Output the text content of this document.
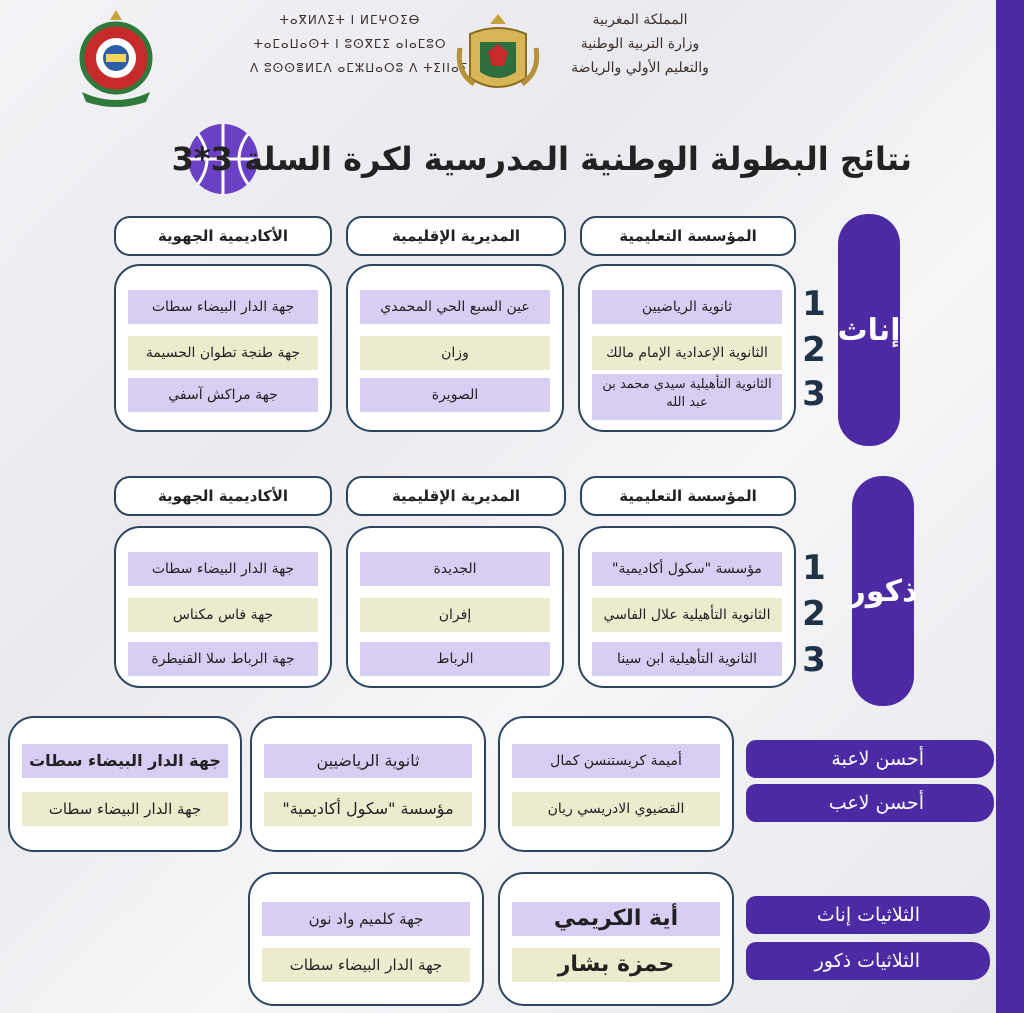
ⵜⴰⴳⵍⴷⵉⵜ ⵏ ⵍⵎⵖⵔⵉⴱ
ⵜⴰⵎⴰⵡⴰⵙⵜ ⵏ ⵓⵙⴳⵎⵉ ⴰⵏⴰⵎⵓⵔ
ⴷ ⵓⵙⵙⴻⵍⵎⴷ ⴰⵎⵣⵡⴰⵔⵓ ⴷ ⵜⵉⵏⵏⴰⵢ
المملكة المغربية
وزارة التربية الوطنية
والتعليم الأولي والرياضة
نتائج البطولة الوطنية المدرسية لكرة السلة 3*3
المؤسسة التعليمية
المديرية الإقليمية
الأكاديمية الجهوية
إناث
1
2
3
ثانوية الرياضيين
الثانوية الإعدادية الإمام مالك
الثانوية التأهيلية سيدي محمد بن عبد الله
عين السبع الحي المحمدي
وزان
الصويرة
جهة الدار البيضاء سطات
جهة طنجة تطوان الحسيمة
جهة مراكش آسفي
المؤسسة التعليمية
المديرية الإقليمية
الأكاديمية الجهوية
ذكور
1
2
3
مؤسسة "سكول أكاديمية"
الثانوية التأهيلية علال الفاسي
الثانوية التأهيلية ابن سينا
الجديدة
إفران
الرباط
جهة الدار البيضاء سطات
جهة فاس مكناس
جهة الرباط سلا القنيطرة
أحسن لاعبة
أحسن لاعب
أميمة كريستنسن كمال
القضيوي الادريسي ريان
ثانوية الرياضيين
مؤسسة "سكول أكاديمية"
جهة الدار البيضاء سطات
جهة الدار البيضاء سطات
الثلاثيات إناث
الثلاثيات ذكور
أية الكريمي
حمزة بشار
جهة كلميم واد نون
جهة الدار البيضاء سطات
